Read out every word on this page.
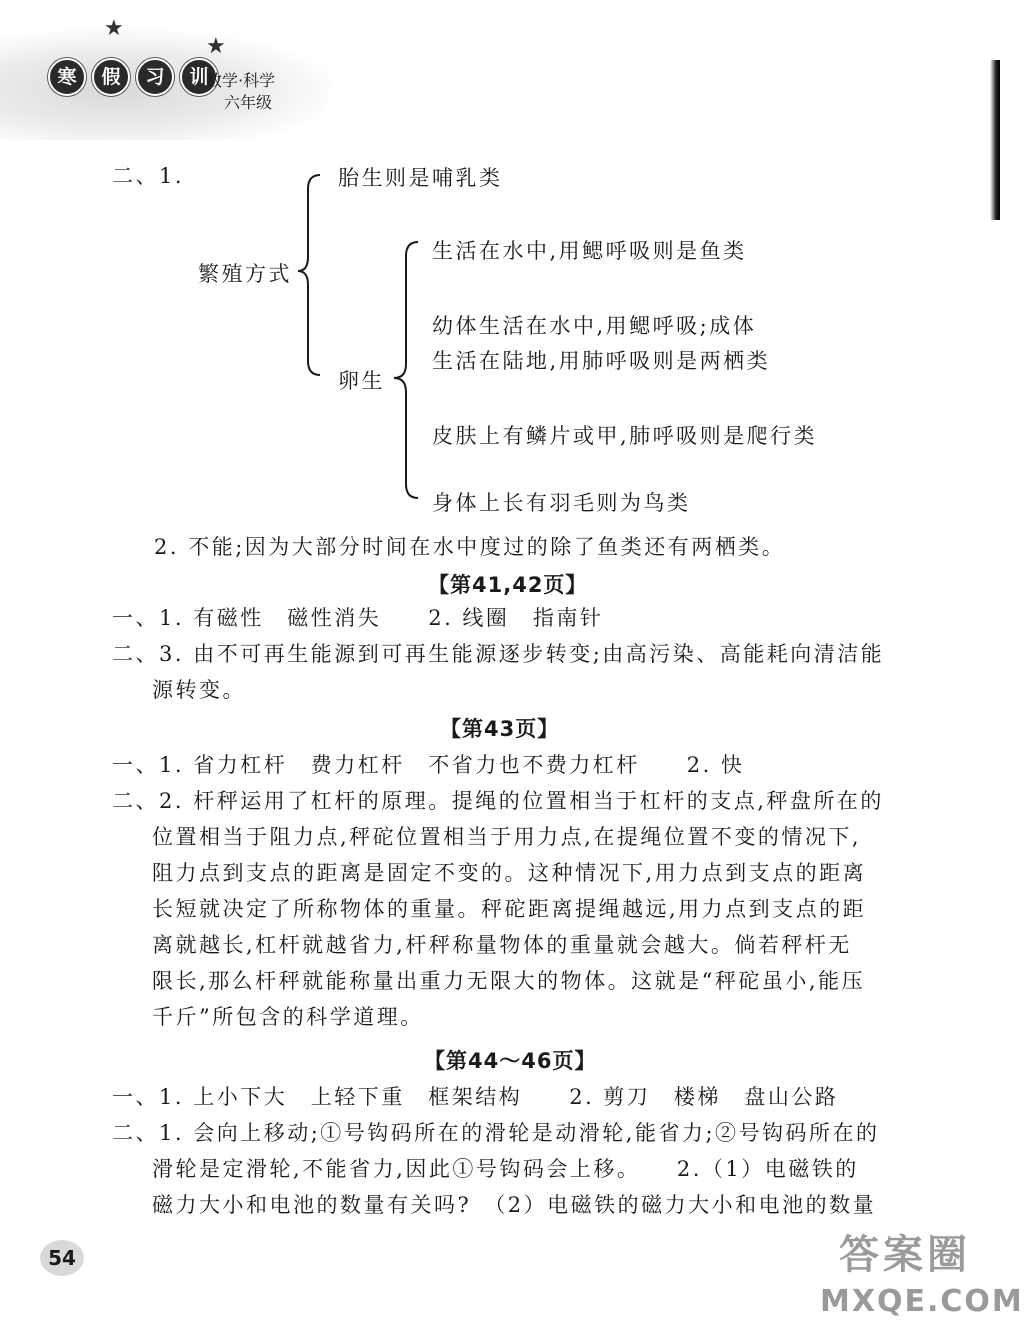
★
★
寒	假	习	训
数学·科学
六年级
二、1.
繁殖方式
胎生则是哺乳类
卵生
生活在水中,用鳃呼吸则是鱼类
幼体生活在水中,用鳃呼吸;成体
生活在陆地,用肺呼吸则是两栖类
皮肤上有鳞片或甲,肺呼吸则是爬行类
身体上长有羽毛则为鸟类
2. 不能;因为大部分时间在水中度过的除了鱼类还有两栖类。
【第41,42页】
一、1. 有磁性　磁性消失　　2. 线圈　指南针
二、3. 由不可再生能源到可再生能源逐步转变;由高污染、高能耗向清洁能
源转变。
【第43页】
一、1. 省力杠杆　费力杠杆　不省力也不费力杠杆　　2. 快
二、2. 杆秤运用了杠杆的原理。提绳的位置相当于杠杆的支点,秤盘所在的
位置相当于阻力点,秤砣位置相当于用力点,在提绳位置不变的情况下,
阻力点到支点的距离是固定不变的。这种情况下,用力点到支点的距离
长短就决定了所称物体的重量。秤砣距离提绳越远,用力点到支点的距
离就越长,杠杆就越省力,杆秤称量物体的重量就会越大。倘若秤杆无
限长,那么杆秤就能称量出重力无限大的物体。这就是“秤砣虽小,能压
千斤”所包含的科学道理。
【第44～46页】
一、1. 上小下大　上轻下重　框架结构　　2. 剪刀　楼梯　盘山公路
二、1. 会向上移动;①号钩码所在的滑轮是动滑轮,能省力;②号钩码所在的
滑轮是定滑轮,不能省力,因此①号钩码会上移。　　2.（1）电磁铁的
磁力大小和电池的数量有关吗?　（2）电磁铁的磁力大小和电池的数量
54	答案圈
MXQE.COM
